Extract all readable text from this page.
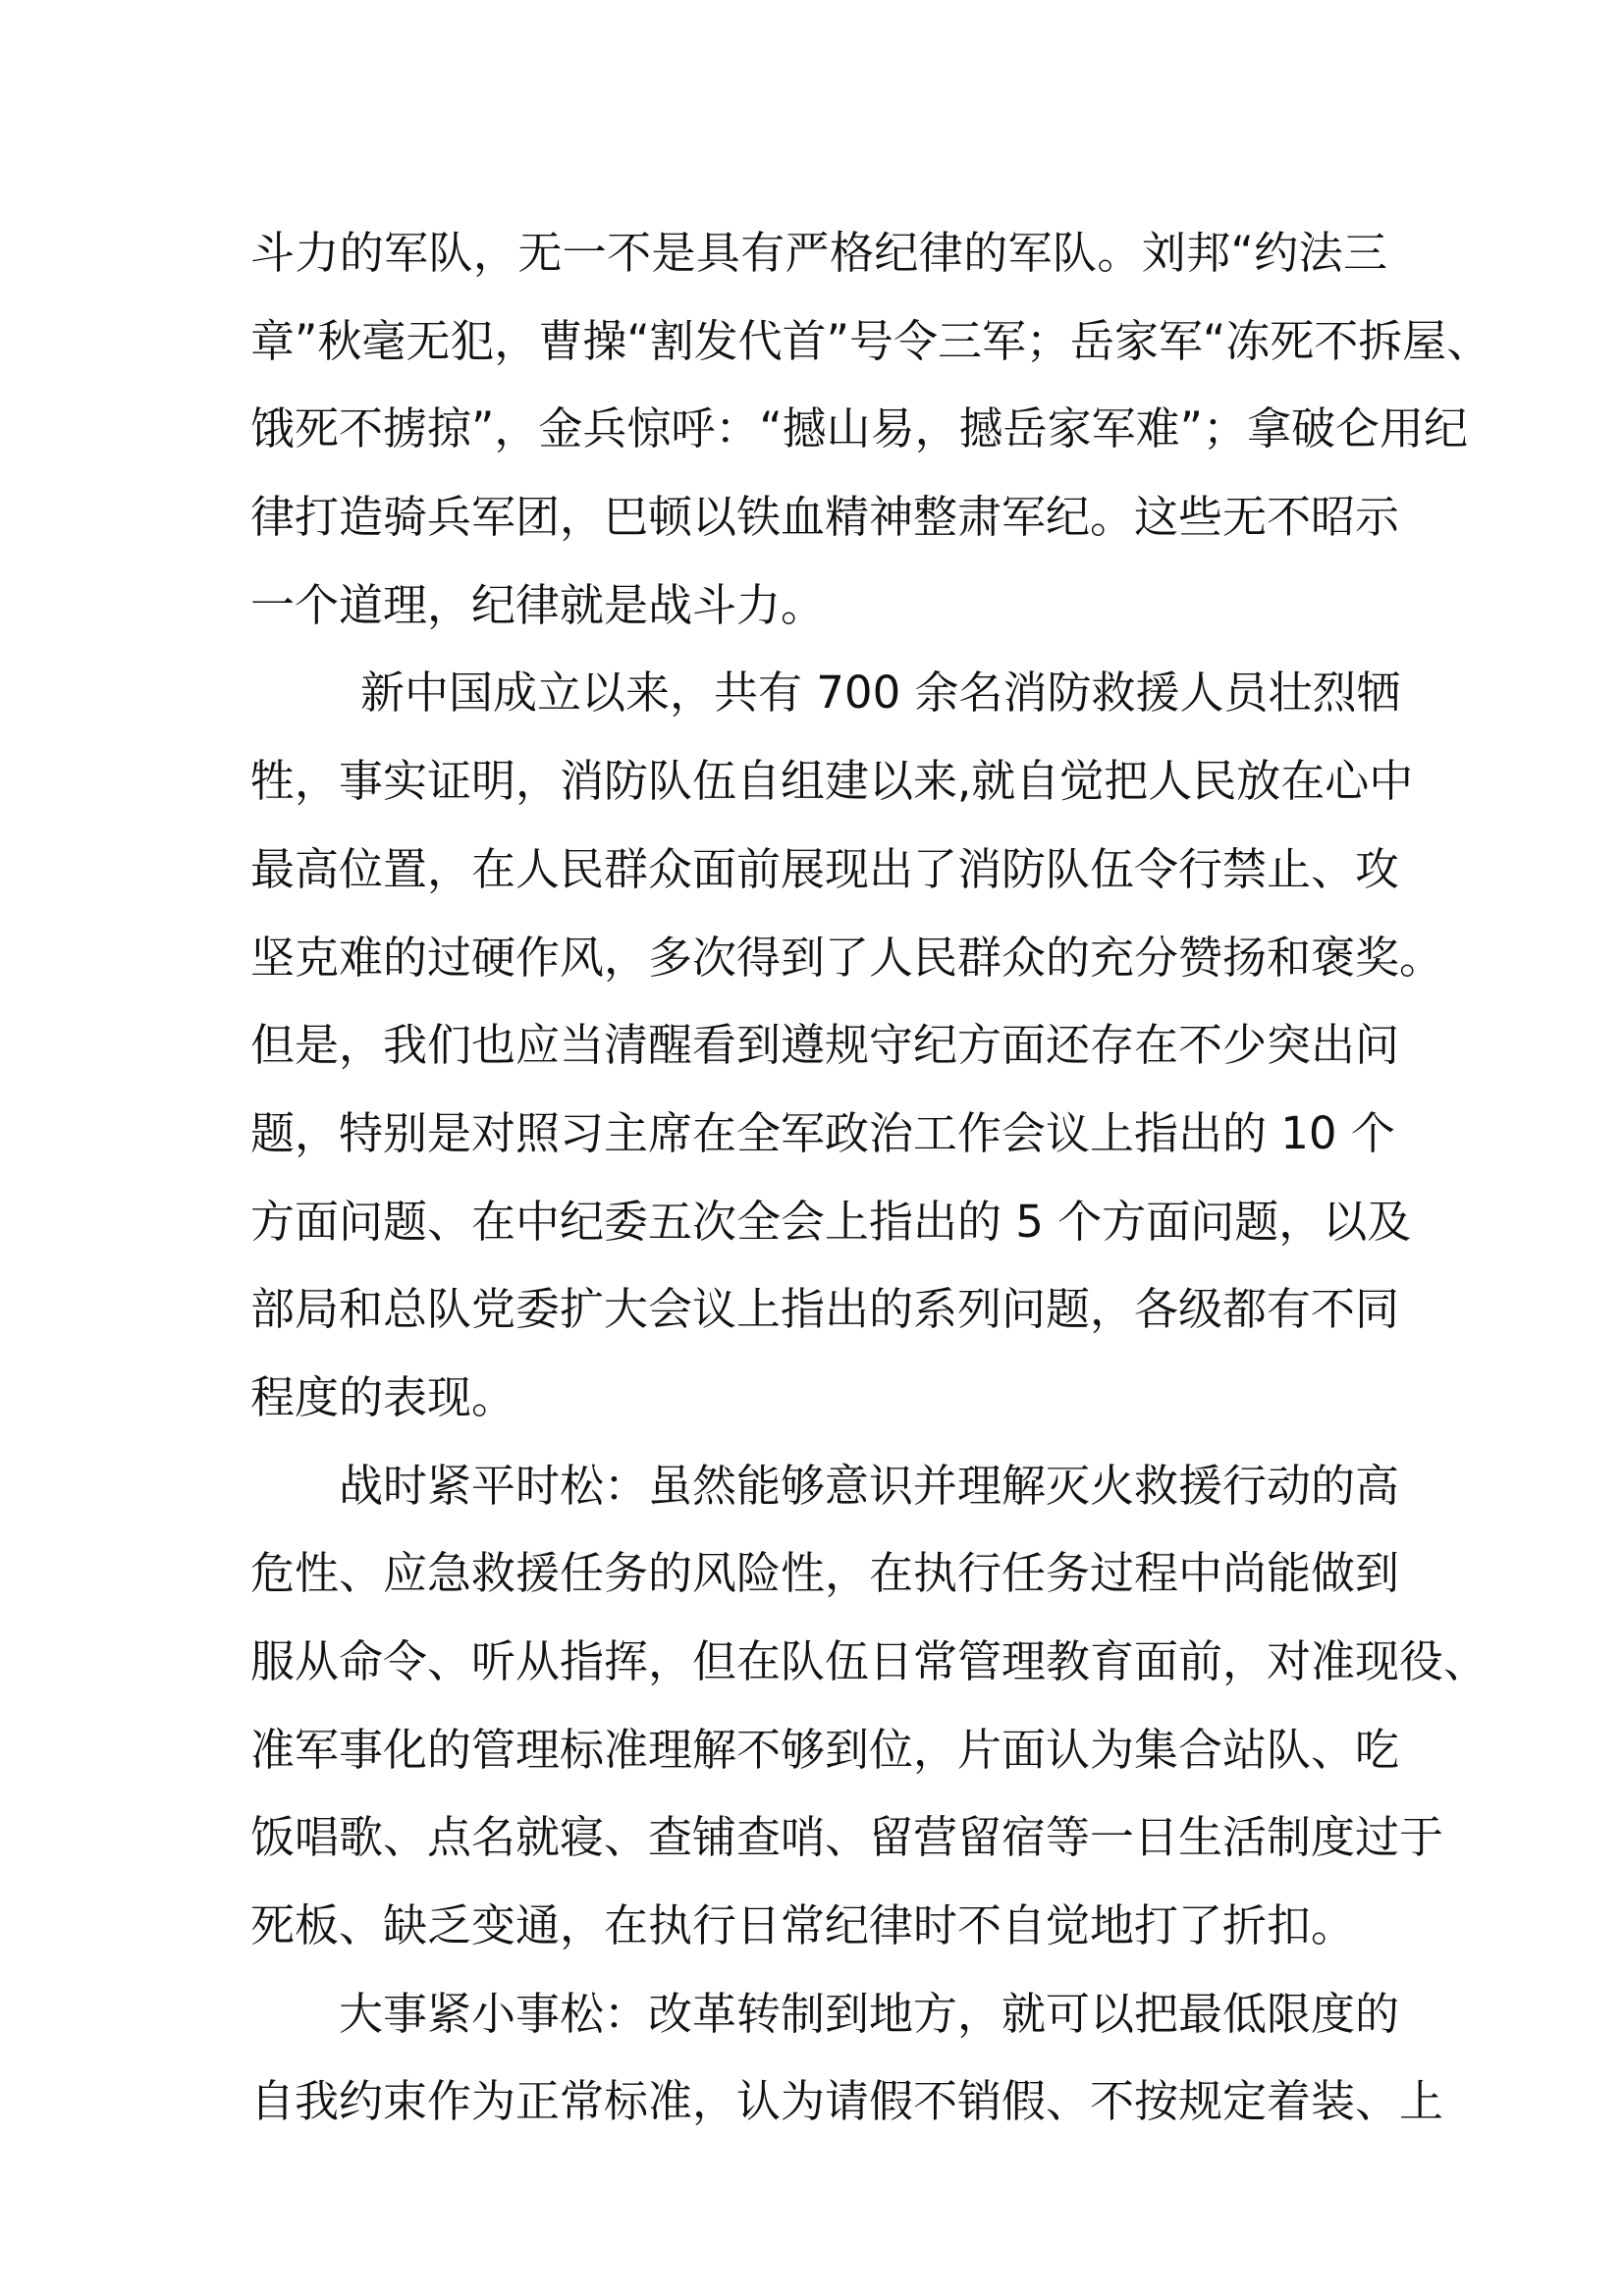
斗力的军队，无一不是具有严格纪律的军队。刘邦“约法三
章”秋毫无犯，曹操“割发代首”号令三军；岳家军“冻死不拆屋、
饿死不掳掠”，金兵惊呼：“撼山易，撼岳家军难”；拿破仑用纪
律打造骑兵军团，巴顿以铁血精神整肃军纪。这些无不昭示
一个道理，纪律就是战斗力。
新中国成立以来，共有 700 余名消防救援人员壮烈牺
牲，事实证明，消防队伍自组建以来,就自觉把人民放在心中
最高位置，在人民群众面前展现出了消防队伍令行禁止、攻
坚克难的过硬作风，多次得到了人民群众的充分赞扬和褒奖。
但是，我们也应当清醒看到遵规守纪方面还存在不少突出问
题，特别是对照习主席在全军政治工作会议上指出的 10 个
方面问题、在中纪委五次全会上指出的 5 个方面问题，以及
部局和总队党委扩大会议上指出的系列问题，各级都有不同
程度的表现。
战时紧平时松：虽然能够意识并理解灭火救援行动的高
危性、应急救援任务的风险性，在执行任务过程中尚能做到
服从命令、听从指挥，但在队伍日常管理教育面前，对准现役、
准军事化的管理标准理解不够到位，片面认为集合站队、吃
饭唱歌、点名就寝、查铺查哨、留营留宿等一日生活制度过于
死板、缺乏变通，在执行日常纪律时不自觉地打了折扣。
大事紧小事松：改革转制到地方，就可以把最低限度的
自我约束作为正常标准，认为请假不销假、不按规定着装、上
